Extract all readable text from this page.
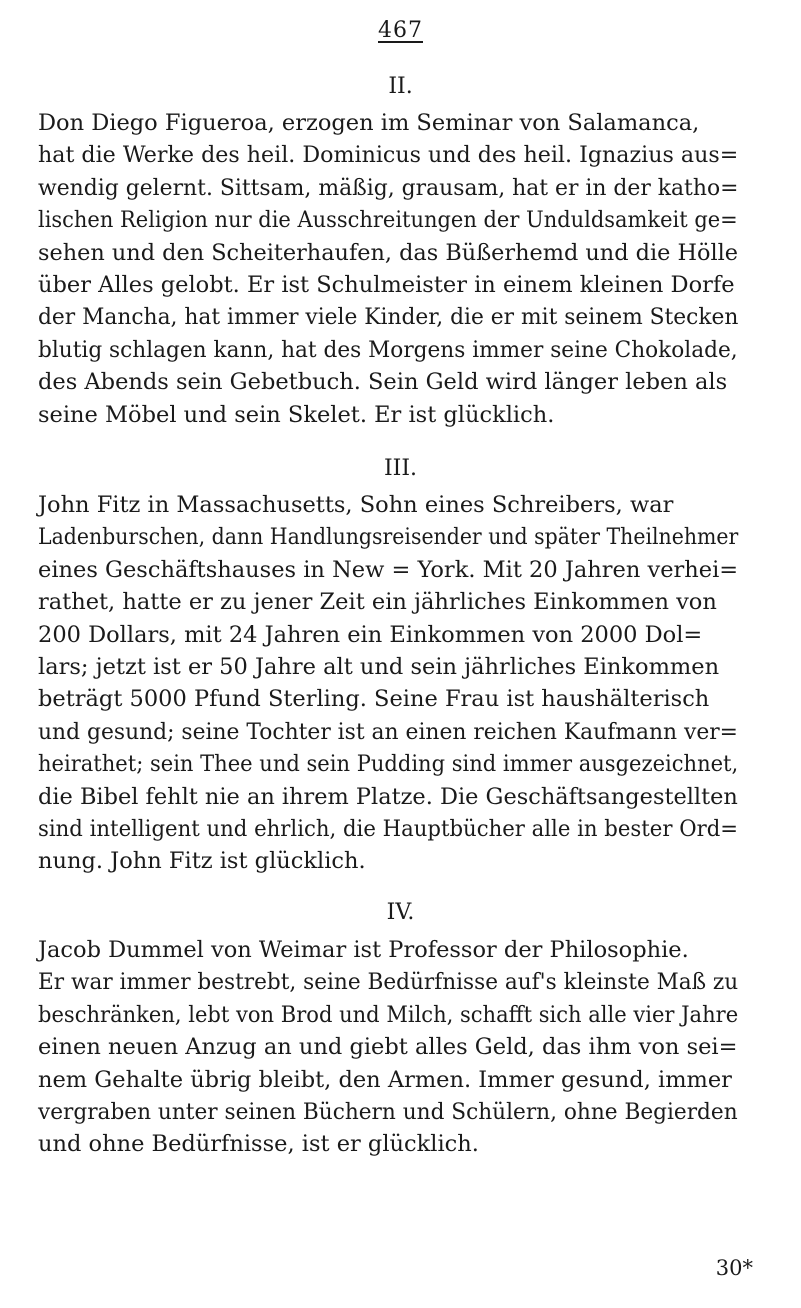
467
II.
Don Diego Figueroa, erzogen im Seminar von Salamanca,
hat die Werke des heil. Dominicus und des heil. Ignazius aus=
wendig gelernt. Sittsam, mäßig, grausam, hat er in der katho=
lischen Religion nur die Ausschreitungen der Unduldsamkeit ge=
sehen und den Scheiterhaufen, das Büßerhemd und die Hölle
über Alles gelobt. Er ist Schulmeister in einem kleinen Dorfe
der Mancha, hat immer viele Kinder, die er mit seinem Stecken
blutig schlagen kann, hat des Morgens immer seine Chokolade,
des Abends sein Gebetbuch. Sein Geld wird länger leben als
seine Möbel und sein Skelet. Er ist glücklich.
III.
John Fitz in Massachusetts, Sohn eines Schreibers, war
Ladenburschen, dann Handlungsreisender und später Theilnehmer
eines Geschäftshauses in New = York. Mit 20 Jahren verhei=
rathet, hatte er zu jener Zeit ein jährliches Einkommen von
200 Dollars, mit 24 Jahren ein Einkommen von 2000 Dol=
lars; jetzt ist er 50 Jahre alt und sein jährliches Einkommen
beträgt 5000 Pfund Sterling. Seine Frau ist haushälterisch
und gesund; seine Tochter ist an einen reichen Kaufmann ver=
heirathet; sein Thee und sein Pudding sind immer ausgezeichnet,
die Bibel fehlt nie an ihrem Platze. Die Geschäftsangestellten
sind intelligent und ehrlich, die Hauptbücher alle in bester Ord=
nung. John Fitz ist glücklich.
IV.
Jacob Dummel von Weimar ist Professor der Philosophie.
Er war immer bestrebt, seine Bedürfnisse auf's kleinste Maß zu
beschränken, lebt von Brod und Milch, schafft sich alle vier Jahre
einen neuen Anzug an und giebt alles Geld, das ihm von sei=
nem Gehalte übrig bleibt, den Armen. Immer gesund, immer
vergraben unter seinen Büchern und Schülern, ohne Begierden
und ohne Bedürfnisse, ist er glücklich.
30*
